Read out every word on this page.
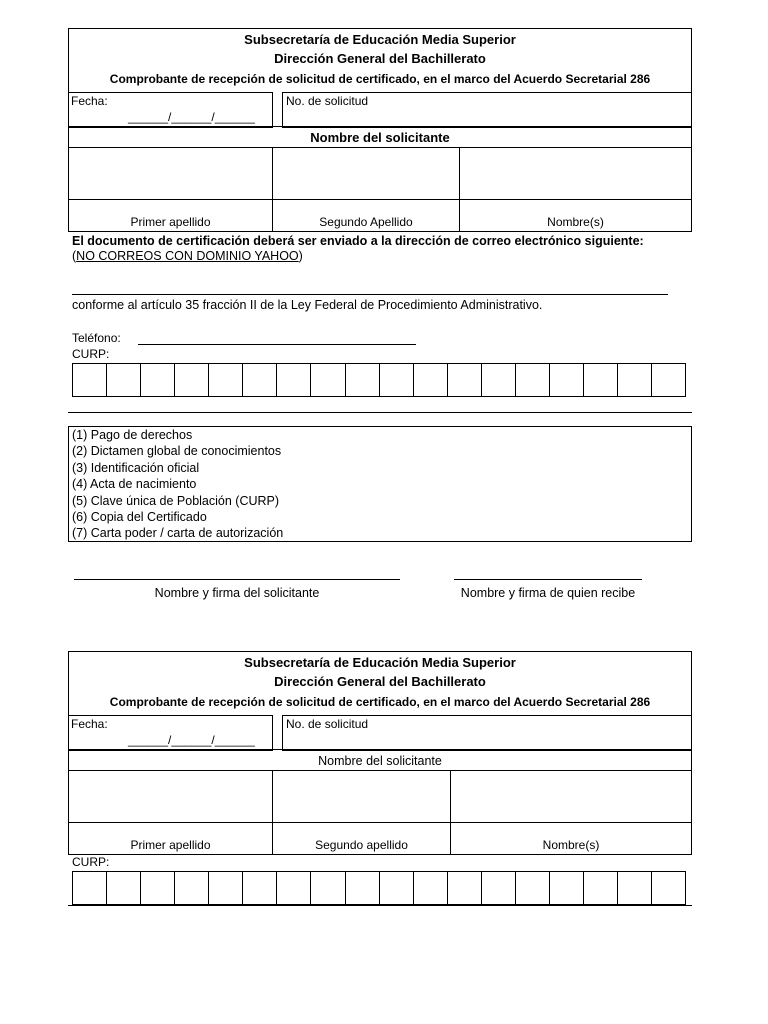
Subsecretaría de Educación Media Superior
Dirección General del Bachillerato
Comprobante de recepción de solicitud de certificado, en el marco del Acuerdo Secretarial 286
Fecha:
______/______/______
No. de solicitud
Nombre del solicitante
Primer apellido	Segundo Apellido	Nombre(s)
El documento de certificación deberá ser enviado a la dirección de correo electrónico siguiente:
(NO CORREOS CON DOMINIO YAHOO)
conforme al artículo 35 fracción II de la Ley Federal de Procedimiento Administrativo.
Teléfono:
CURP:
(1) Pago de derechos
(2) Dictamen global de conocimientos
(3) Identificación oficial
(4) Acta de nacimiento
(5) Clave única de Población (CURP)
(6) Copia del Certificado
(7) Carta poder / carta de autorización
Nombre y firma del solicitante	Nombre y firma de quien recibe
Subsecretaría de Educación Media Superior
Dirección General del Bachillerato
Comprobante de recepción de solicitud de certificado, en el marco del Acuerdo Secretarial 286
Fecha:
______/______/______
No. de solicitud
Nombre del solicitante
Primer apellido	Segundo apellido	Nombre(s)
CURP:
